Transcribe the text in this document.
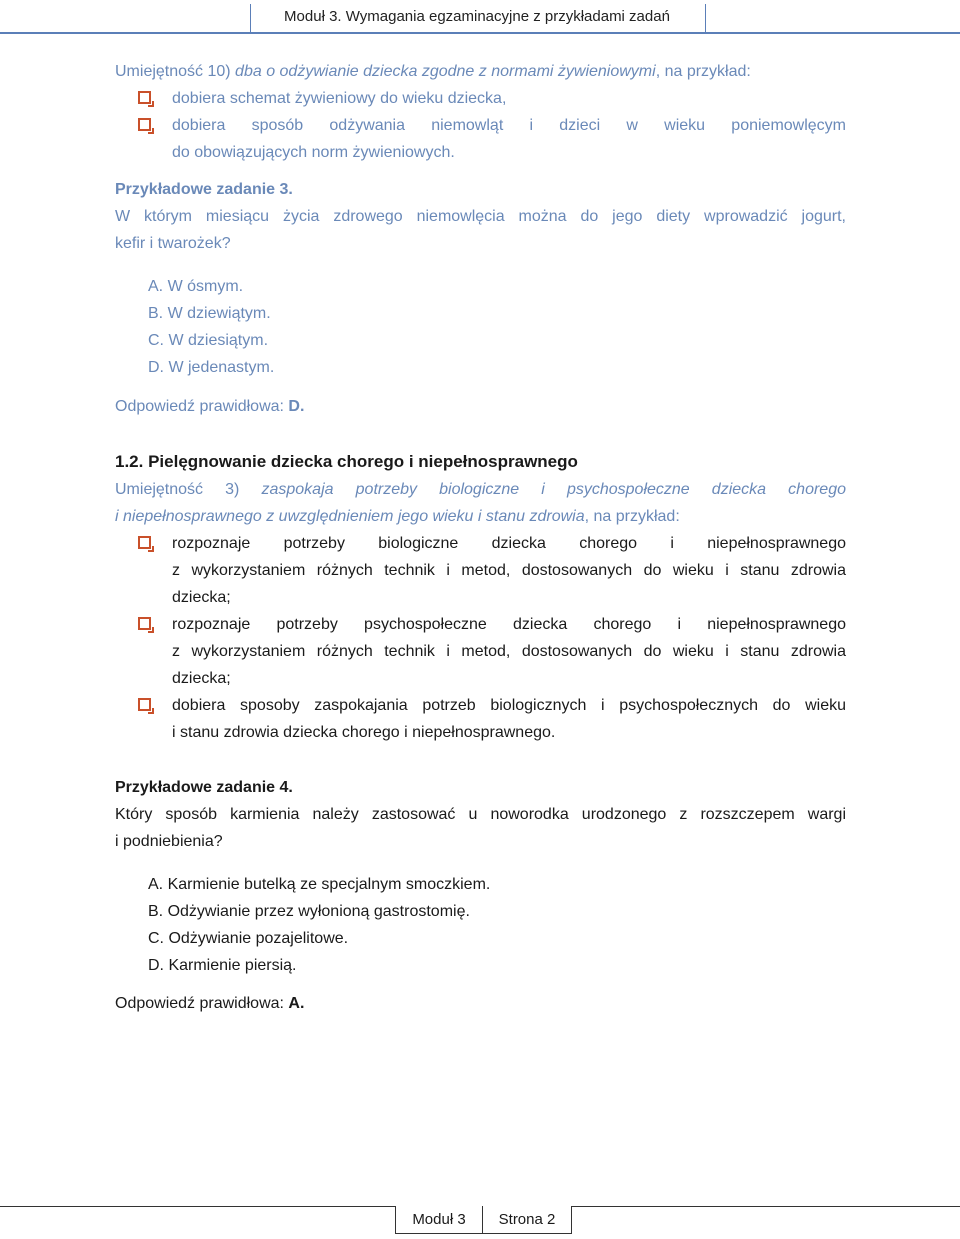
Moduł 3. Wymagania egzaminacyjne z przykładami zadań
Umiejętność 10) dba o odżywianie dziecka zgodne z normami żywieniowymi, na przykład:
dobiera schemat żywieniowy do wieku dziecka,
dobiera sposób odżywania niemowląt i dzieci w wieku poniemowlęcym
do obowiązujących norm żywieniowych.
Przykładowe zadanie 3.
W którym miesiącu życia zdrowego niemowlęcia można do jego diety wprowadzić jogurt,
kefir i twarożek?
A. W ósmym.
B. W dziewiątym.
C. W dziesiątym.
D. W jedenastym.
Odpowiedź prawidłowa: D.
1.2. Pielęgnowanie dziecka chorego i niepełnosprawnego
Umiejętność 3) zaspokaja potrzeby biologiczne i psychospołeczne dziecka chorego
i niepełnosprawnego z uwzględnieniem jego wieku i stanu zdrowia, na przykład:
rozpoznaje potrzeby biologiczne dziecka chorego i niepełnosprawnego
z wykorzystaniem różnych technik i metod, dostosowanych do wieku i stanu zdrowia
dziecka;
rozpoznaje potrzeby psychospołeczne dziecka chorego i niepełnosprawnego
z wykorzystaniem różnych technik i metod, dostosowanych do wieku i stanu zdrowia
dziecka;
dobiera sposoby zaspokajania potrzeb biologicznych i psychospołecznych do wieku
i stanu zdrowia dziecka chorego i niepełnosprawnego.
Przykładowe zadanie 4.
Który sposób karmienia należy zastosować u noworodka urodzonego z rozszczepem wargi
i podniebienia?
A. Karmienie butelką ze specjalnym smoczkiem.
B. Odżywianie przez wyłonioną gastrostomię.
C. Odżywianie pozajelitowe.
D. Karmienie piersią.
Odpowiedź prawidłowa: A.
Moduł 3	Strona 2
